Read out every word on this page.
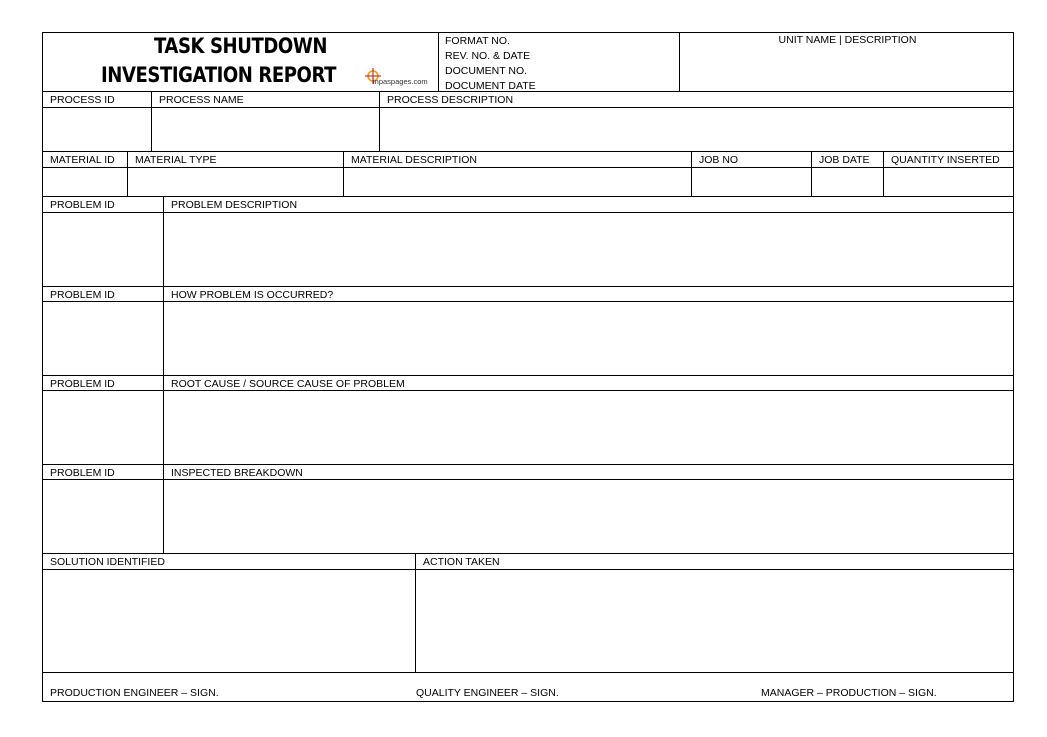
TASK SHUTDOWN
INVESTIGATION REPORT	inpaspages.com
FORMAT NO.
REV. NO. & DATE
DOCUMENT NO.
DOCUMENT DATE
UNIT NAME | DESCRIPTION
PROCESS ID	PROCESS NAME	PROCESS DESCRIPTION
MATERIAL ID	MATERIAL TYPE	MATERIAL DESCRIPTION	JOB NO	JOB DATE	QUANTITY INSERTED
PROBLEM ID	PROBLEM DESCRIPTION
PROBLEM ID	HOW PROBLEM IS OCCURRED?
PROBLEM ID	ROOT CAUSE / SOURCE CAUSE OF PROBLEM
PROBLEM ID	INSPECTED BREAKDOWN
SOLUTION IDENTIFIED	ACTION TAKEN
PRODUCTION ENGINEER – SIGN.	QUALITY ENGINEER – SIGN.	MANAGER – PRODUCTION – SIGN.
